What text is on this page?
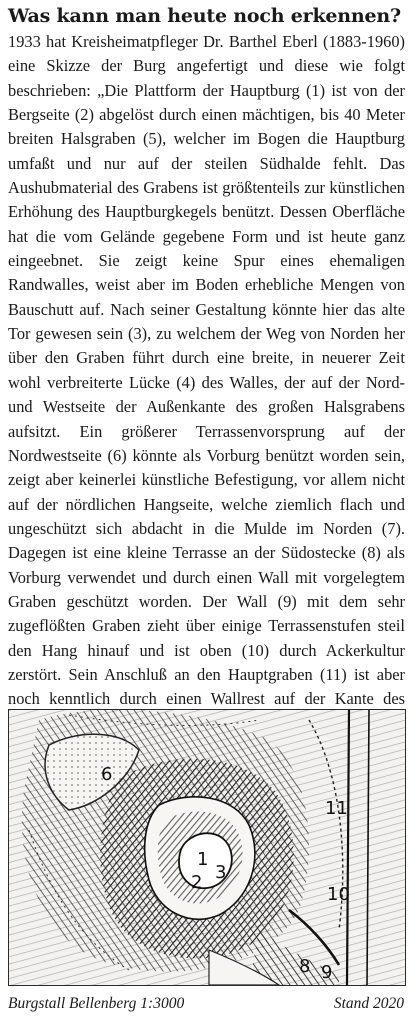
Was kann man heute noch erkennen?
1933 hat Kreisheimatpfleger Dr. Barthel Eberl (1883-1960) eine Skizze der Burg angefertigt und diese wie folgt beschrieben: „Die Plattform der Hauptburg (1) ist von der Bergseite (2) abgelöst durch einen mächtigen, bis 40 Meter breiten Halsgraben (5), welcher im Bogen die Hauptburg umfaßt und nur auf der steilen Südhalde fehlt. Das Aushubmaterial des Grabens ist größtenteils zur künstlichen Erhöhung des Hauptburgkegels benützt. Dessen Oberfläche hat die vom Gelände gegebene Form und ist heute ganz eingeebnet. Sie zeigt keine Spur eines ehemaligen Randwalles, weist aber im Boden erhebliche Mengen von Bauschutt auf. Nach seiner Gestaltung könnte hier das alte Tor gewesen sein (3), zu welchem der Weg von Norden her über den Graben führt durch eine breite, in neuerer Zeit wohl verbreiterte Lücke (4) des Walles, der auf der Nord- und Westseite der Außenkante des großen Halsgrabens aufsitzt. Ein größerer Terrassenvorsprung auf der Nordwestseite (6) könnte als Vorburg benützt worden sein, zeigt aber keinerlei künstliche Befestigung, vor allem nicht auf der nördlichen Hangseite, welche ziemlich flach und ungeschützt sich abdacht in die Mulde im Norden (7). Dagegen ist eine kleine Terrasse an der Südostecke (8) als Vorburg verwendet und durch einen Wall mit vorgelegtem Graben geschützt worden. Der Wall (9) mit dem sehr zugeflößten Graben zieht über einige Terrassenstufen steil den Hang hinauf und ist oben (10) durch Ackerkultur zerstört. Sein Anschluß an den Hauptgraben (11) ist aber noch kenntlich durch einen Wallrest auf der Kante des
1
2 3
6
8 9
10
11
Burgstall Bellenberg 1:3000	Stand 2020
